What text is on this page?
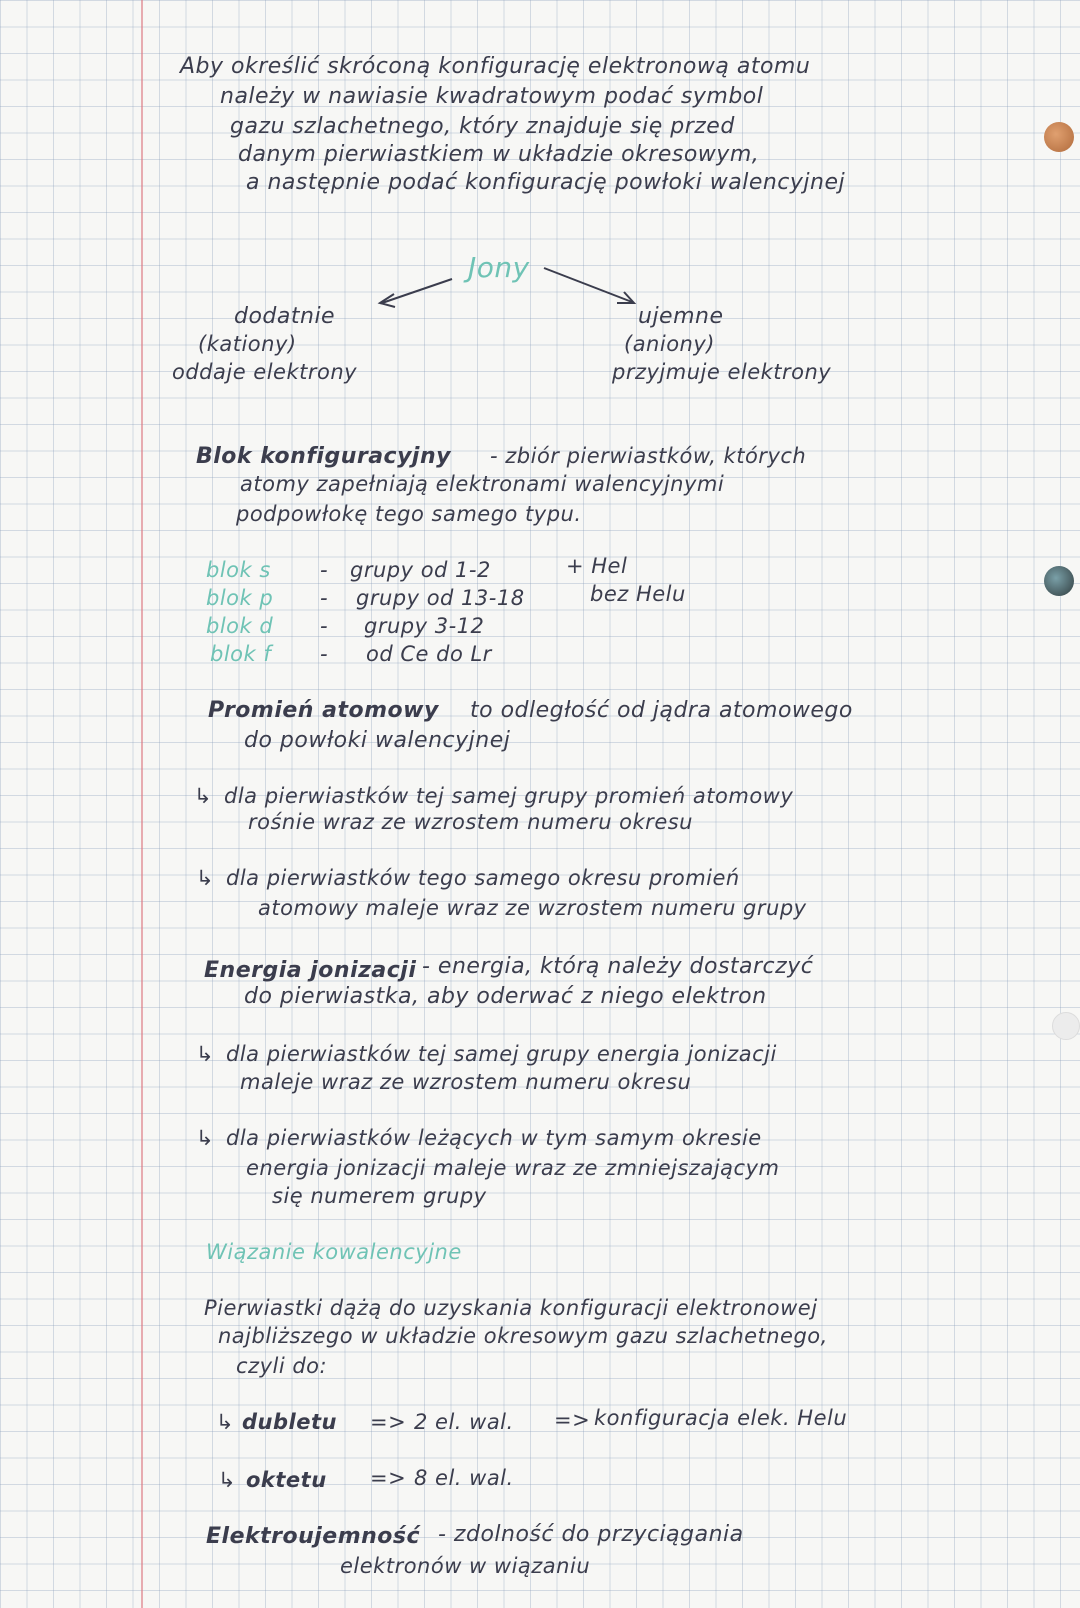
Aby określić skróconą konfigurację elektronową atomu
należy w nawiasie kwadratowym podać symbol
gazu szlachetnego, który znajduje się przed
danym pierwiastkiem w układzie okresowym,
a następnie podać konfigurację powłoki walencyjnej
Jony
dodatnie
(kationy)
oddaje elektrony
ujemne
(aniony)
przyjmuje elektrony
Blok konfiguracyjny - zbiór pierwiastków, których
atomy zapełniają elektronami walencyjnymi
podpowłokę tego samego typu.
blok s - grupy od 1-2	+ Hel
blok p - grupy od 13-18	bez Helu
blok d - grupy 3-12
blok f - od Ce do Lr
Promień atomowy to odległość od jądra atomowego
do powłoki walencyjnej
↳ dla pierwiastków tej samej grupy promień atomowy
rośnie wraz ze wzrostem numeru okresu
↳ dla pierwiastków tego samego okresu promień
atomowy maleje wraz ze wzrostem numeru grupy
Energia jonizacji - energia, którą należy dostarczyć
do pierwiastka, aby oderwać z niego elektron
↳ dla pierwiastków tej samej grupy energia jonizacji
maleje wraz ze wzrostem numeru okresu
↳ dla pierwiastków leżących w tym samym okresie
energia jonizacji maleje wraz ze zmniejszającym
się numerem grupy
Wiązanie kowalencyjne
Pierwiastki dążą do uzyskania konfiguracji elektronowej
najbliższego w układzie okresowym gazu szlachetnego,
czyli do:
↳ dubletu => 2 el. wal. => konfiguracja elek. Helu
↳ oktetu => 8 el. wal.
Elektroujemność - zdolność do przyciągania
elektronów w wiązaniu
